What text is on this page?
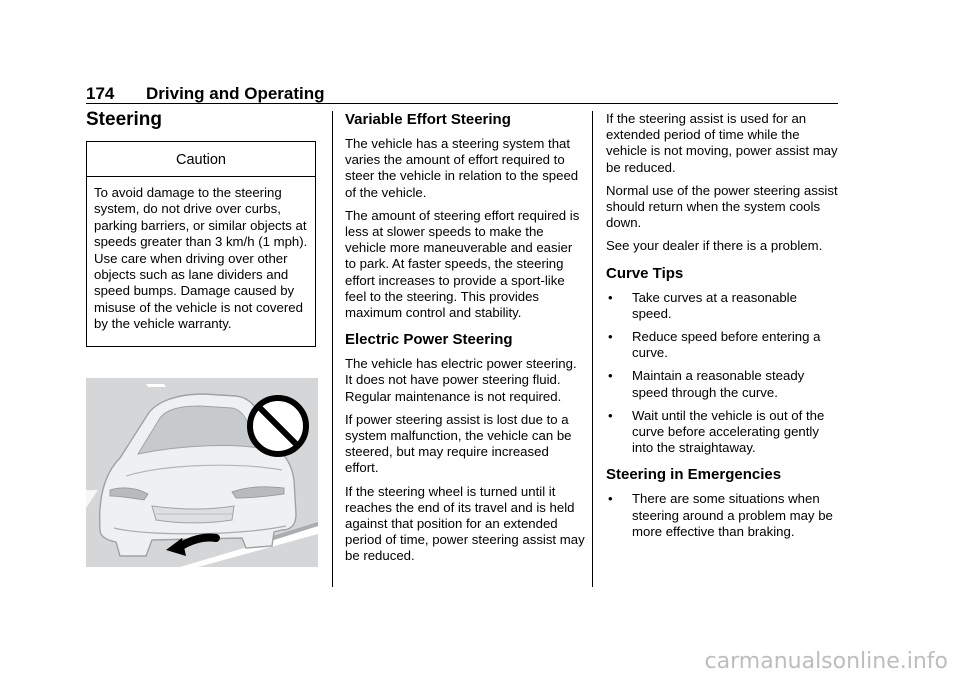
174 Driving and Operating
Steering
Caution
To avoid damage to the steering system, do not drive over curbs, parking barriers, or similar objects at speeds greater than 3 km/h (1 mph). Use care when driving over other objects such as lane dividers and speed bumps. Damage caused by misuse of the vehicle is not covered by the vehicle warranty.
Variable Effort Steering

The vehicle has a steering system that varies the amount of effort required to steer the vehicle in relation to the speed of the vehicle.

The amount of steering effort required is less at slower speeds to make the vehicle more maneuverable and easier to park. At faster speeds, the steering effort increases to provide a sport-like feel to the steering. This provides maximum control and stability.

Electric Power Steering

The vehicle has electric power steering. It does not have power steering fluid. Regular maintenance is not required.

If power steering assist is lost due to a system malfunction, the vehicle can be steered, but may require increased effort.

If the steering wheel is turned until it reaches the end of its travel and is held against that position for an extended period of time, power steering assist may be reduced.

If the steering assist is used for an extended period of time while the vehicle is not moving, power assist may be reduced.

Normal use of the power steering assist should return when the system cools down.

See your dealer if there is a problem.

Curve Tips
• Take curves at a reasonable speed.
• Reduce speed before entering a curve.
• Maintain a reasonable steady speed through the curve.
• Wait until the vehicle is out of the curve before accelerating gently into the straightaway.
Steering in Emergencies
• There are some situations when steering around a problem may be more effective than braking.
carmanualsonline.info
